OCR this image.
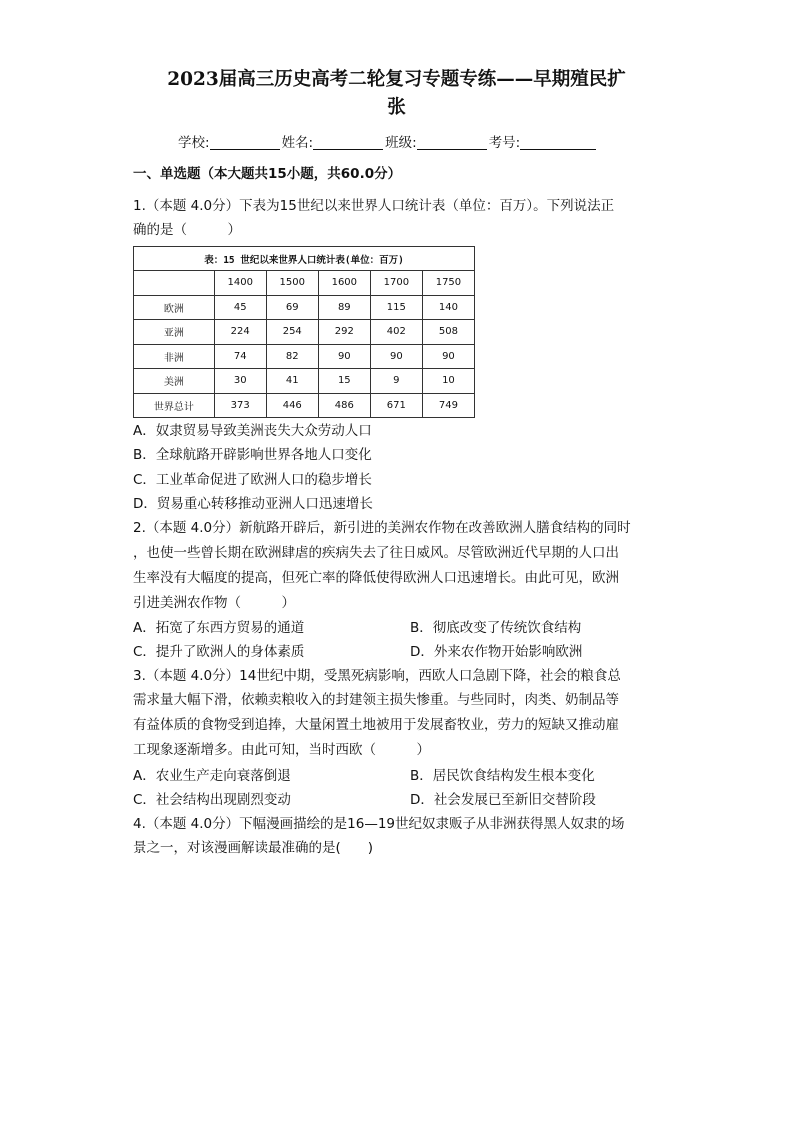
2023届高三历史高考二轮复习专题专练——早期殖民扩
张
学校:	姓名:	班级:	考号:
一、单选题（本大题共15小题，共60.0分）
1.（本题 4.0分）下表为15世纪以来世界人口统计表（单位：百万）。下列说法正
确的是（　　　）
表：15 世纪以来世界人口统计表(单位：百万)					
	1400	1500	1600	1700	1750
欧洲	45	69	89	115	140
亚洲	224	254	292	402	508
非洲	74	82	90	90	90
美洲	30	41	15	9	10
世界总计	373	446	486	671	749
A．奴隶贸易导致美洲丧失大众劳动人口
B．全球航路开辟影响世界各地人口变化
C．工业革命促进了欧洲人口的稳步增长
D．贸易重心转移推动亚洲人口迅速增长
2.（本题 4.0分）新航路开辟后，新引进的美洲农作物在改善欧洲人膳食结构的同时
，也使一些曾长期在欧洲肆虐的疾病失去了往日威风。尽管欧洲近代早期的人口出
生率没有大幅度的提高，但死亡率的降低使得欧洲人口迅速增长。由此可见，欧洲
引进美洲农作物（　　　）
A．拓宽了东西方贸易的通道	B．彻底改变了传统饮食结构
C．提升了欧洲人的身体素质	D．外来农作物开始影响欧洲
3.（本题 4.0分）14世纪中期，受黑死病影响，西欧人口急剧下降，社会的粮食总
需求量大幅下滑，依赖卖粮收入的封建领主损失惨重。与些同时，肉类、奶制品等
有益体质的食物受到追捧，大量闲置土地被用于发展畜牧业，劳力的短缺又推动雇
工现象逐渐增多。由此可知，当时西欧（　　　）
A．农业生产走向衰落倒退	B．居民饮食结构发生根本变化
C．社会结构出现剧烈变动	D．社会发展已至新旧交替阶段
4.（本题 4.0分）下幅漫画描绘的是16—19世纪奴隶贩子从非洲获得黑人奴隶的场
景之一，对该漫画解读最准确的是(　　)
